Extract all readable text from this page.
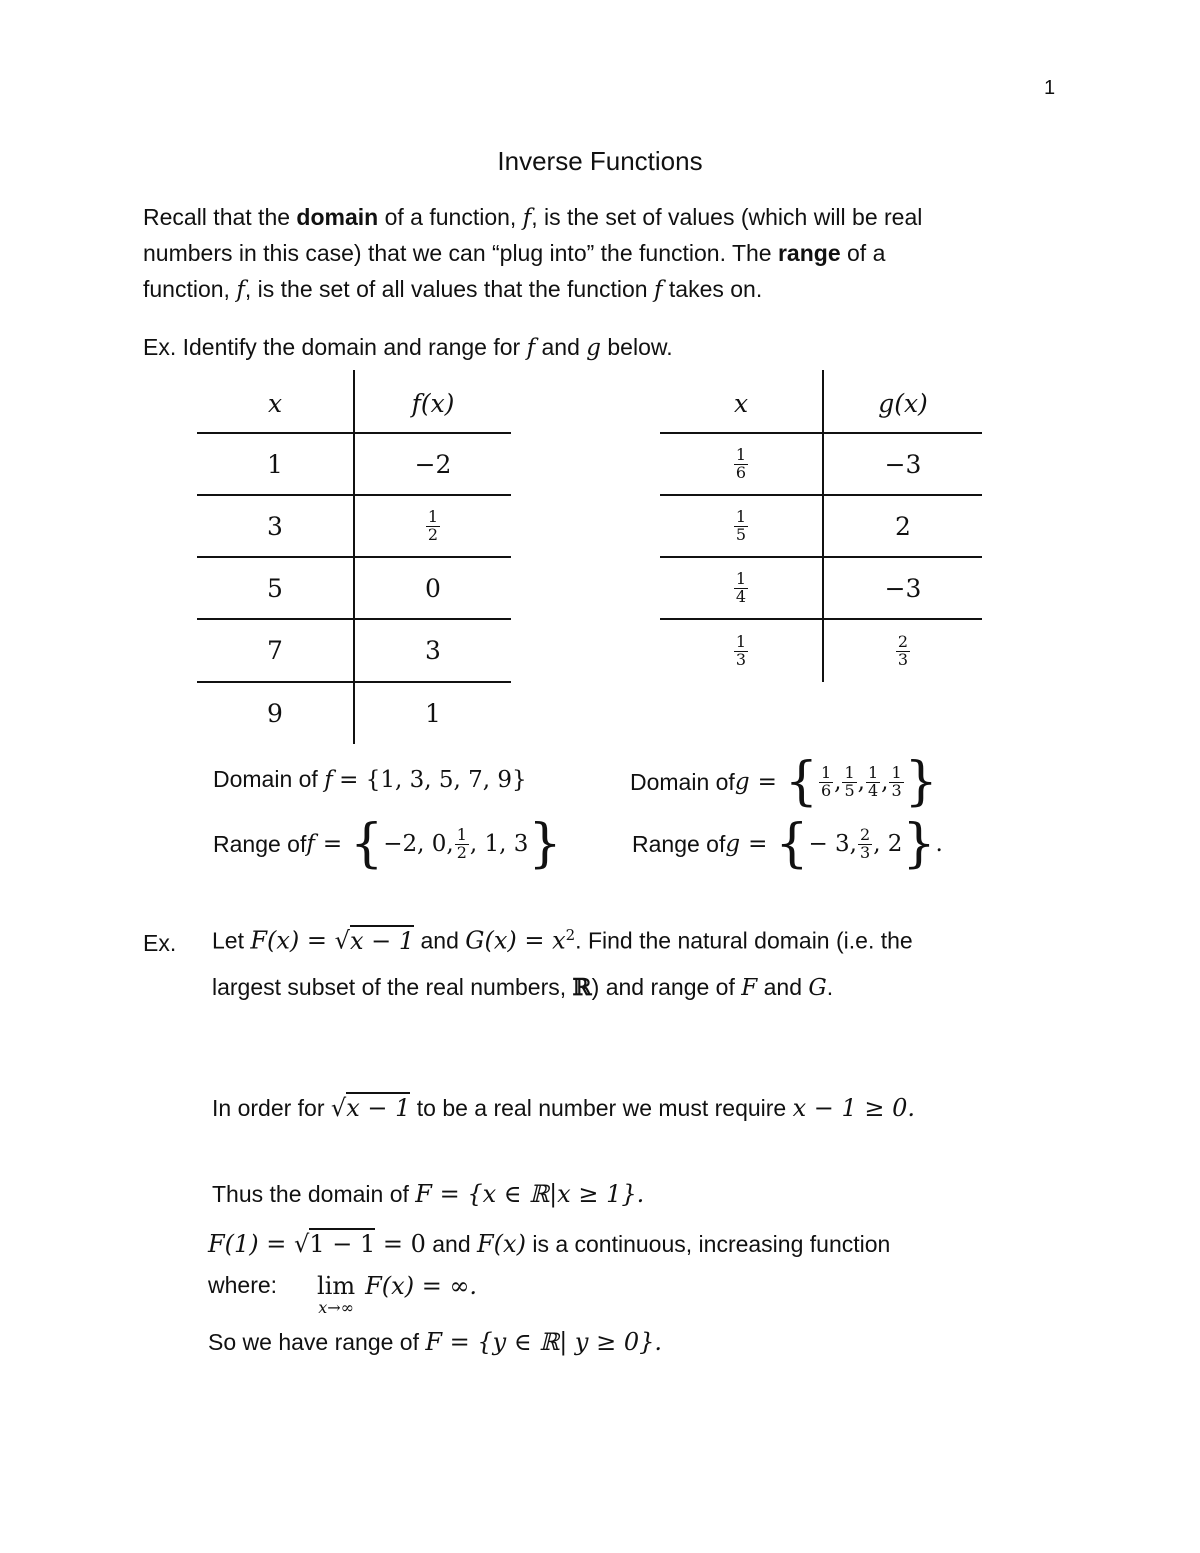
1
Inverse Functions
Recall that the domain of a function, f, is the set of values (which will be real
numbers in this case) that we can “plug into” the function. The range of a
function, f, is the set of all values that the function f takes on.
Ex. Identify the domain and range for f and g below.
x	f(x)
1	−2
3	$\frac{1}{2}$
5	0
7	3
9	1
x	g(x)
$\frac{1}{6}$	−3
$\frac{1}{5}$	2
$\frac{1}{4}$	−3
$\frac{1}{3}$	$\frac{2}{3}$
Domain of f = {1, 3, 5, 7, 9}
Range of f = { −2, 0, $\frac{1}{2}$ , 1, 3 }
Domain of g = { $\frac{1}{6}$ , $\frac{1}{5}$ , $\frac{1}{4}$ , $\frac{1}{3}$ }
Range of g = { − 3, $\frac{2}{3}$ , 2 } .
Ex. Let F(x) = √x − 1 and $G(x) = x^2$. Find the natural domain (i.e. the
largest subset of the real numbers, ℝ) and range of F and G.
In order for √x − 1 to be a real number we must require x − 1 ≥ 0.
Thus the domain of F = {x ∈ ℝ|x ≥ 1}.
F(1) = √1 − 1 = 0 and F(x) is a continuous, increasing function
where: lim
x→∞
F(x) = ∞.
So we have range of F = {y ∈ ℝ| y ≥ 0}.
